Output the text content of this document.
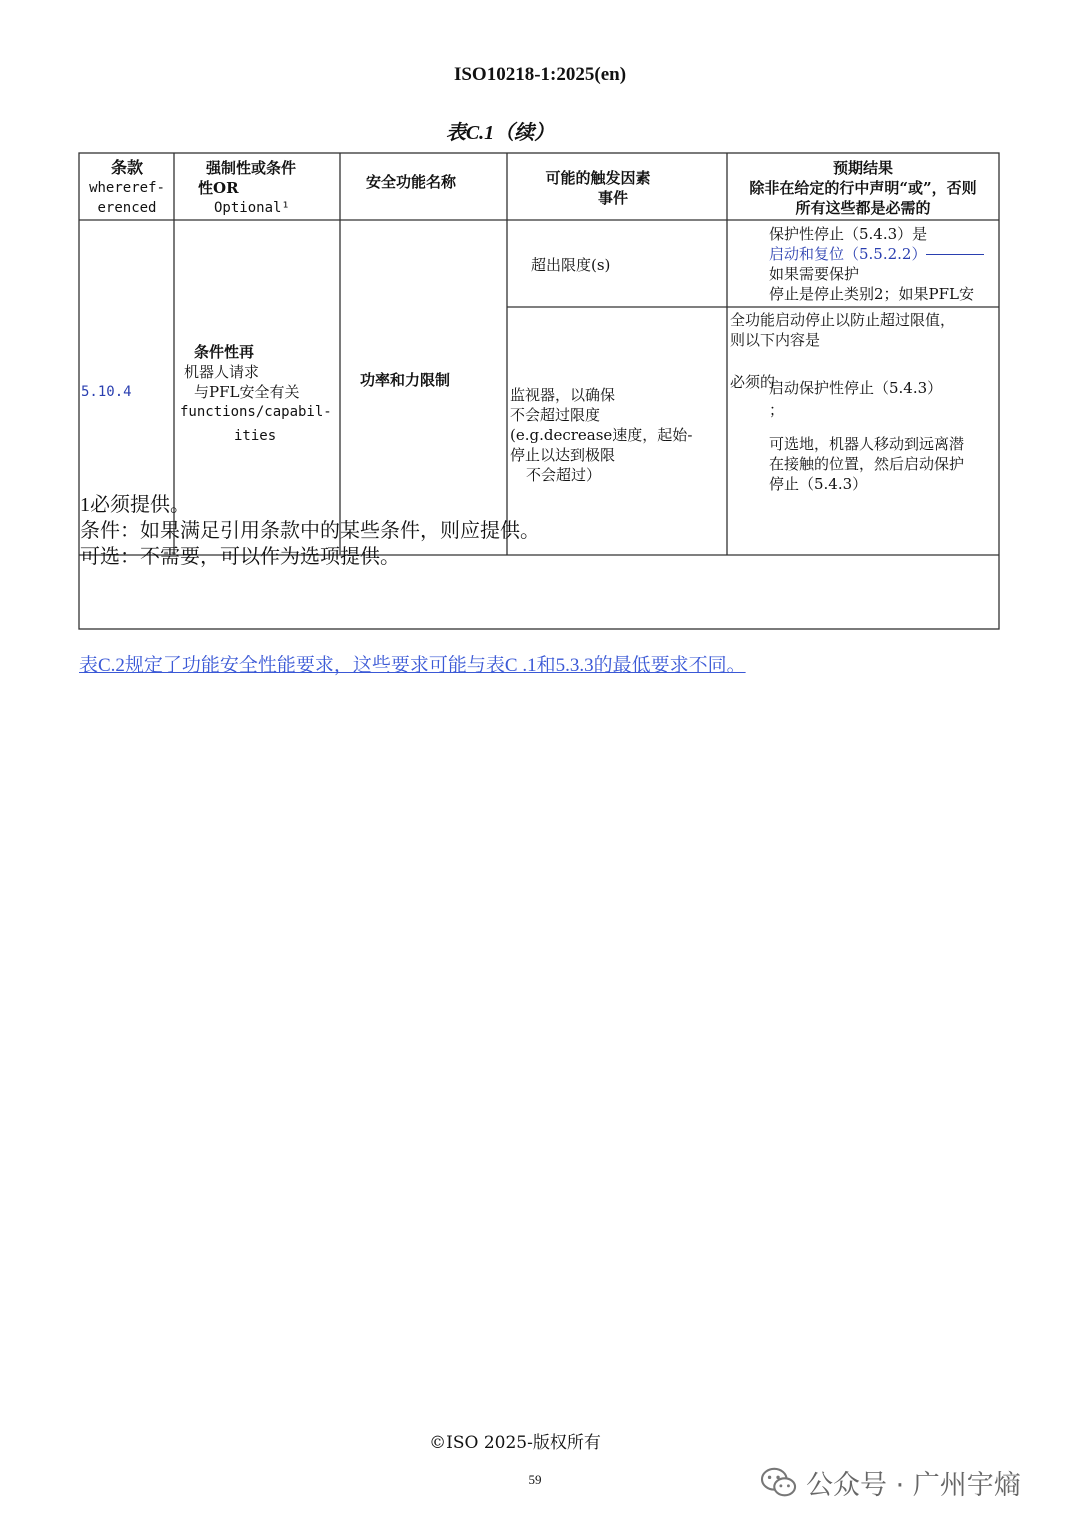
ISO10218-1:2025(en)
表C.1（续）
条款
whereref-
erenced
强制性或条件
性OR
Optional¹
安全功能名称	可能的触发因素
事件
预期结果
除非在给定的行中声明“或”，否则
所有这些都是必需的
5.10.4
条件性再
机器人请求
与PFL安全有关
functions/capabil-
ities
功率和力限制
超出限度(s)
保护性停止（5.4.3）是
启动和复位（5.5.2.2）
如果需要保护
停止是停止类别2；如果PFL安
监视器，以确保
不会超过限度
(e.g.decrease速度，起始-
停止以达到极限
不会超过）
全功能启动停止以防止超过限值，
则以下内容是
必须的
启动保护性停止（5.4.3）
；
可选地，机器人移动到远离潜
在接触的位置，然后启动保护
停止（5.4.3）
1必须提供。
条件：如果满足引用条款中的某些条件，则应提供。
可选：不需要，可以作为选项提供。
表C.2规定了功能安全性能要求，这些要求可能与表C .1和5.3.3的最低要求不同。
©ISO 2025-版权所有
59	公众号 · 广州宇熵
